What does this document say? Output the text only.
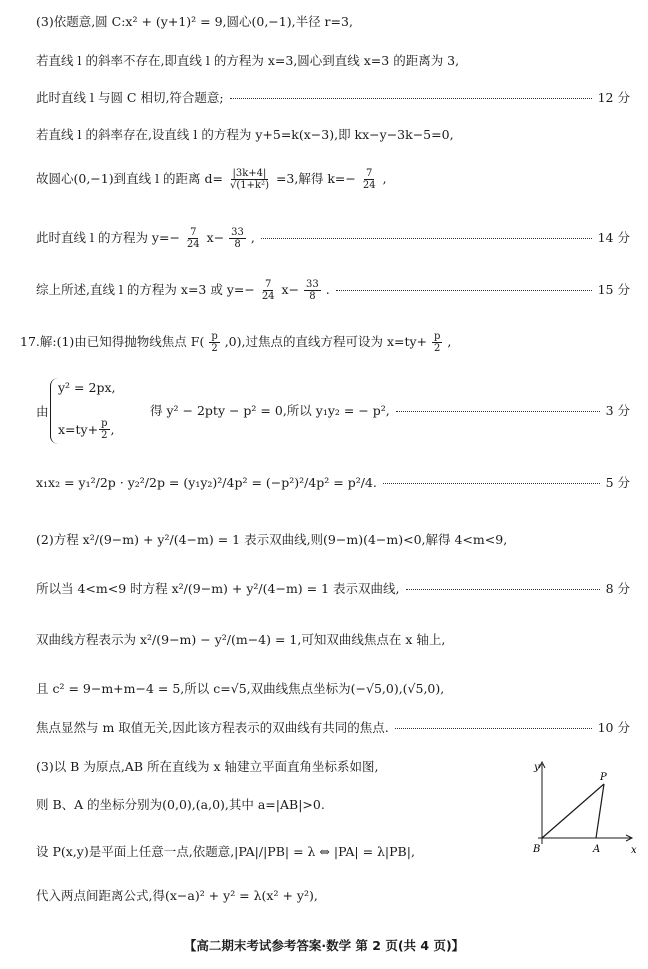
(3)依题意,圆 C:x² + (y+1)² = 9,圆心(0,−1),半径 r=3,
若直线 l 的斜率不存在,即直线 l 的方程为 x=3,圆心到直线 x=3 的距离为 3,
此时直线 l 与圆 C 相切,符合题意;	12 分
若直线 l 的斜率存在,设直线 l 的方程为 y+5=k(x−3),即 kx−y−3k−5=0,
故圆心(0,−1)到直线 l 的距离 $d= \frac{|3k+4|}{\text{√(1+k²)}} =3$,解得 $k=- \frac{7}{24}$ ,
此时直线 l 的方程为 $y=- \frac{7}{24} x- \frac{33}{8}$ ,	14 分
综上所述,直线 l 的方程为 x=3 或 $y=- \frac{7}{24} x- \frac{33}{8}$ .	15 分
17.解:(1)由已知得抛物线焦点 $F( \frac{p}{2} ,0)$,过焦点的直线方程可设为 $x=ty+ \frac{p}{2}$ ,
由
y² = 2px,
$x=ty+ \frac{p}{2}$ ,
得 y² − 2pty − p² = 0,所以 y₁y₂ = − p²,	3 分
x₁x₂ = y₁²/2p · y₂²/2p = (y₁y₂)²/4p² = (−p²)²/4p² = p²/4.	5 分
(2)方程 x²/(9−m) + y²/(4−m) = 1 表示双曲线,则(9−m)(4−m)<0,解得 4<m<9,
所以当 4<m<9 时方程 x²/(9−m) + y²/(4−m) = 1 表示双曲线,	8 分
双曲线方程表示为 x²/(9−m) − y²/(m−4) = 1,可知双曲线焦点在 x 轴上,
且 c² = 9−m+m−4 = 5,所以 c=√5,双曲线焦点坐标为(−√5,0),(√5,0),
焦点显然与 m 取值无关,因此该方程表示的双曲线有共同的焦点.	10 分
(3)以 B 为原点,AB 所在直线为 x 轴建立平面直角坐标系如图,
则 B、A 的坐标分别为(0,0),(a,0),其中 a=|AB|>0.
设 P(x,y)是平面上任意一点,依题意,|PA|/|PB| = λ ⇔ |PA| = λ|PB|,
代入两点间距离公式,得(x−a)² + y² = λ(x² + y²),
y
x
P
B	A
【高二期末考试参考答案·数学 第 2 页(共 4 页)】
